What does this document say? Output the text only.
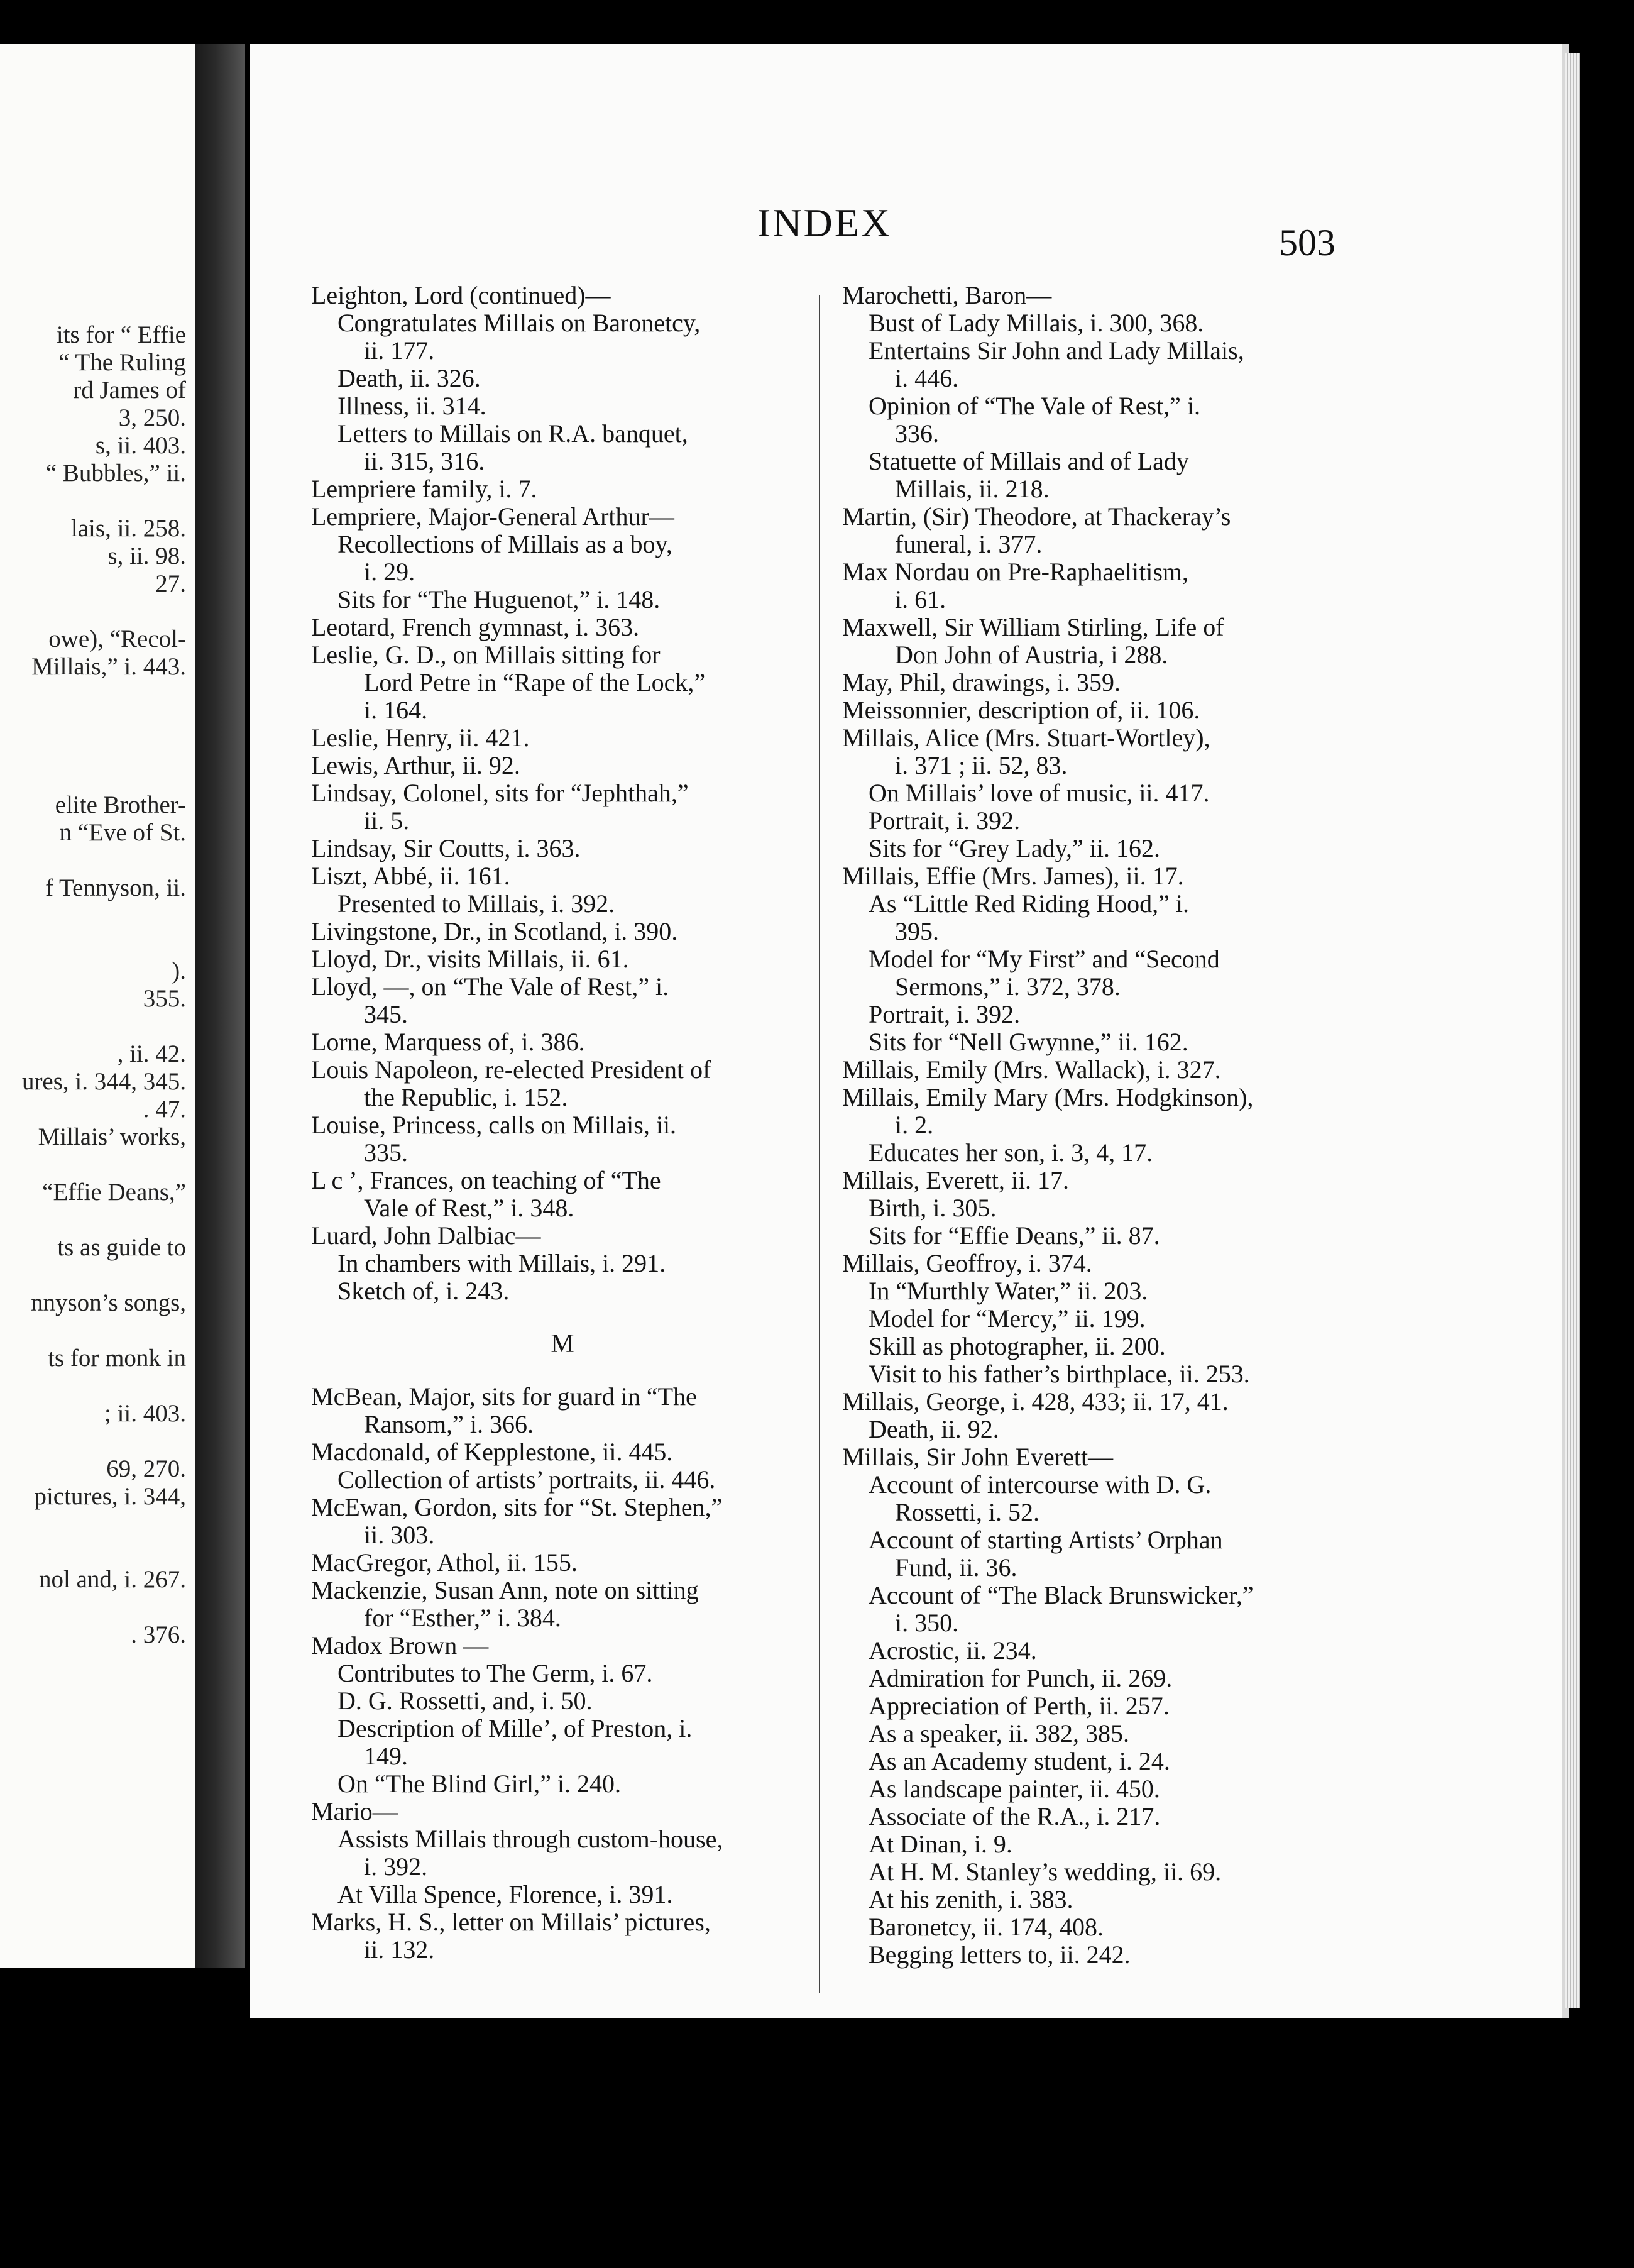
its for “ Effie
“ The Ruling
rd James of
3, 250.
s, ii. 403.
“ Bubbles,” ii.
lais, ii. 258.
s, ii. 98.
27.
owe), “Recol-
Millais,” i. 443.
elite Brother-
n “Eve of St.
f Tennyson, ii.
).
355.
, ii. 42.
ures, i. 344, 345.
. 47.
Millais’ works,
“Effie Deans,”
ts as guide to
nnyson’s songs,
ts for monk in
; ii. 403.
69, 270.
pictures, i. 344,
nol and, i. 267.
. 376.
INDEX	503
Leighton, Lord (continued)—
Congratulates Millais on Baronetcy,
ii. 177.
Death, ii. 326.
Illness, ii. 314.
Letters to Millais on R.A. banquet,
ii. 315, 316.
Lempriere family, i. 7.
Lempriere, Major-General Arthur—
Recollections of Millais as a boy,
i. 29.
Sits for “The Huguenot,” i. 148.
Leotard, French gymnast, i. 363.
Leslie, G. D., on Millais sitting for
Lord Petre in “Rape of the Lock,”
i. 164.
Leslie, Henry, ii. 421.
Lewis, Arthur, ii. 92.
Lindsay, Colonel, sits for “Jephthah,”
ii. 5.
Lindsay, Sir Coutts, i. 363.
Liszt, Abbé, ii. 161.
Presented to Millais, i. 392.
Livingstone, Dr., in Scotland, i. 390.
Lloyd, Dr., visits Millais, ii. 61.
Lloyd, —, on “The Vale of Rest,” i.
345.
Lorne, Marquess of, i. 386.
Louis Napoleon, re-elected President of
the Republic, i. 152.
Louise, Princess, calls on Millais, ii.
335.
L c ’, Frances, on teaching of “The
Vale of Rest,” i. 348.
Luard, John Dalbiac—
In chambers with Millais, i. 291.
Sketch of, i. 243.
M
McBean, Major, sits for guard in “The
Ransom,” i. 366.
Macdonald, of Kepplestone, ii. 445.
Collection of artists’ portraits, ii. 446.
McEwan, Gordon, sits for “St. Stephen,”
ii. 303.
MacGregor, Athol, ii. 155.
Mackenzie, Susan Ann, note on sitting
for “Esther,” i. 384.
Madox Brown —
Contributes to The Germ, i. 67.
D. G. Rossetti, and, i. 50.
Description of Mille’, of Preston, i.
149.
On “The Blind Girl,” i. 240.
Mario—
Assists Millais through custom-house,
i. 392.
At Villa Spence, Florence, i. 391.
Marks, H. S., letter on Millais’ pictures,
ii. 132.
Marochetti, Baron—
Bust of Lady Millais, i. 300, 368.
Entertains Sir John and Lady Millais,
i. 446.
Opinion of “The Vale of Rest,” i.
336.
Statuette of Millais and of Lady
Millais, ii. 218.
Martin, (Sir) Theodore, at Thackeray’s
funeral, i. 377.
Max Nordau on Pre-Raphaelitism,
i. 61.
Maxwell, Sir William Stirling, Life of
Don John of Austria, i 288.
May, Phil, drawings, i. 359.
Meissonnier, description of, ii. 106.
Millais, Alice (Mrs. Stuart-Wortley),
i. 371 ; ii. 52, 83.
On Millais’ love of music, ii. 417.
Portrait, i. 392.
Sits for “Grey Lady,” ii. 162.
Millais, Effie (Mrs. James), ii. 17.
As “Little Red Riding Hood,” i.
395.
Model for “My First” and “Second
Sermons,” i. 372, 378.
Portrait, i. 392.
Sits for “Nell Gwynne,” ii. 162.
Millais, Emily (Mrs. Wallack), i. 327.
Millais, Emily Mary (Mrs. Hodgkinson),
i. 2.
Educates her son, i. 3, 4, 17.
Millais, Everett, ii. 17.
Birth, i. 305.
Sits for “Effie Deans,” ii. 87.
Millais, Geoffroy, i. 374.
In “Murthly Water,” ii. 203.
Model for “Mercy,” ii. 199.
Skill as photographer, ii. 200.
Visit to his father’s birthplace, ii. 253.
Millais, George, i. 428, 433; ii. 17, 41.
Death, ii. 92.
Millais, Sir John Everett—
Account of intercourse with D. G.
Rossetti, i. 52.
Account of starting Artists’ Orphan
Fund, ii. 36.
Account of “The Black Brunswicker,”
i. 350.
Acrostic, ii. 234.
Admiration for Punch, ii. 269.
Appreciation of Perth, ii. 257.
As a speaker, ii. 382, 385.
As an Academy student, i. 24.
As landscape painter, ii. 450.
Associate of the R.A., i. 217.
At Dinan, i. 9.
At H. M. Stanley’s wedding, ii. 69.
At his zenith, i. 383.
Baronetcy, ii. 174, 408.
Begging letters to, ii. 242.
